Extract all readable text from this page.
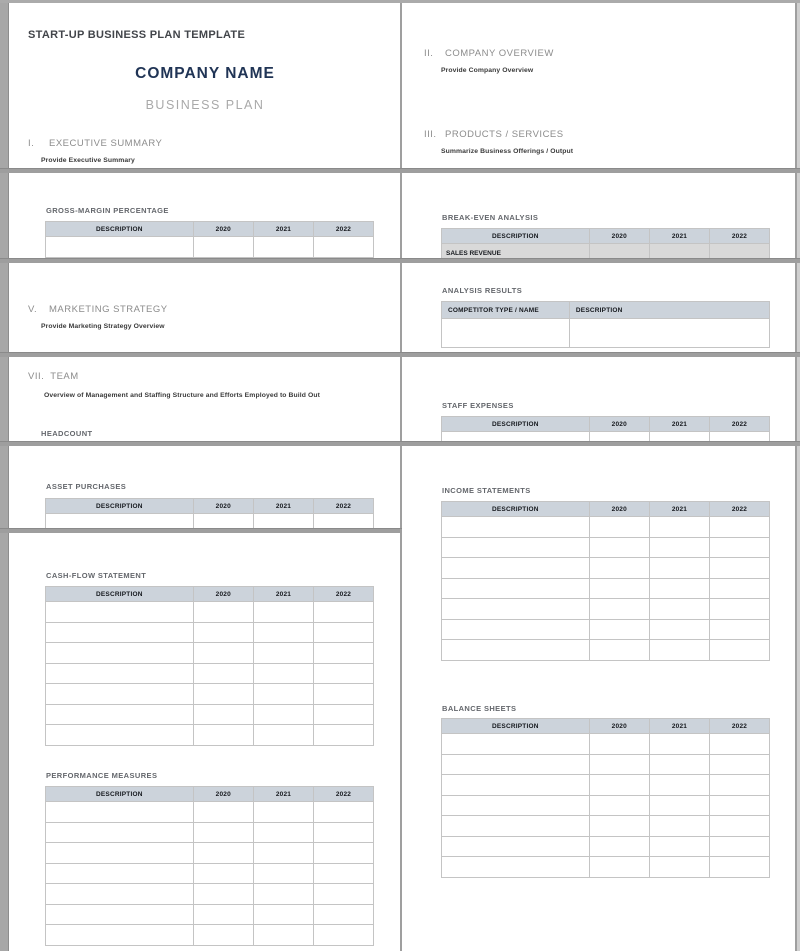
START-UP BUSINESS PLAN TEMPLATE
COMPANY NAME
BUSINESS PLAN
I.	EXECUTIVE SUMMARY
Provide Executive Summary
GROSS-MARGIN PERCENTAGE
DESCRIPTION	2020	2021	2022

V.	MARKETING STRATEGY
Provide Marketing Strategy Overview
VII. TEAM
Overview of Management and Staffing Structure and Efforts Employed to Build Out
HEADCOUNT
ASSET PURCHASES
DESCRIPTION	2020	2021	2022

CASH-FLOW STATEMENT
DESCRIPTION	2020	2021	2022

PERFORMANCE MEASURES
DESCRIPTION	2020	2021	2022

II.	COMPANY OVERVIEW
Provide Company Overview
III. PRODUCTS / SERVICES
Summarize Business Offerings / Output
BREAK-EVEN ANALYSIS
DESCRIPTION	2020	2021	2022
SALES REVENUE			
ANALYSIS RESULTS
COMPETITOR TYPE / NAME	DESCRIPTION

STAFF EXPENSES
DESCRIPTION	2020	2021	2022

INCOME STATEMENTS
DESCRIPTION	2020	2021	2022

BALANCE SHEETS
DESCRIPTION	2020	2021	2022
